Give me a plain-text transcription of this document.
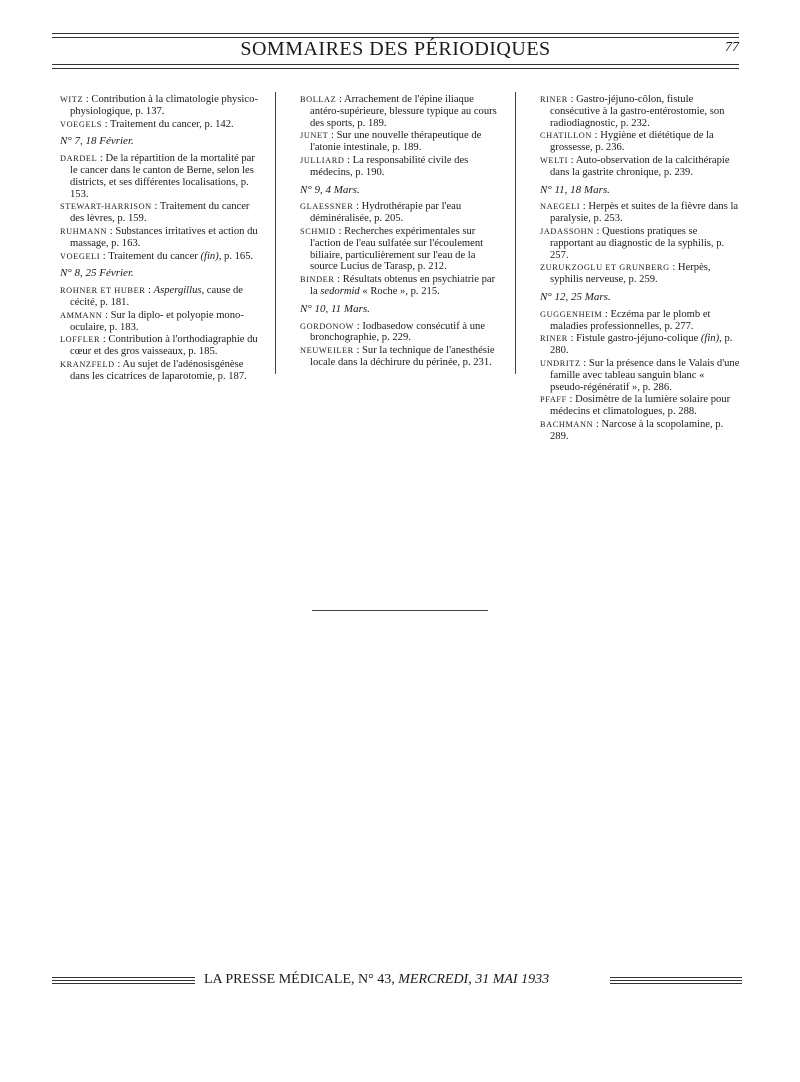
SOMMAIRES DES PÉRIODIQUES	77
WITZ : Contribution à la climatologie physico-physiologique, p. 137.
VOEGELS : Traitement du cancer, p. 142.
N° 7, 18 Février.
DARDEL : De la répartition de la mortalité par le cancer dans le canton de Berne, selon les districts, et ses différentes localisations, p. 153.
STEWART-HARRISON : Traitement du cancer des lèvres, p. 159.
RUHMANN : Substances irritatives et action du massage, p. 163.
VOEGELI : Traitement du cancer (fin), p. 165.
N° 8, 25 Février.
ROHNER ET HUBER : Aspergillus, cause de cécité, p. 181.
AMMANN : Sur la diplo- et polyopie mono-oculaire, p. 183.
LOFFLER : Contribution à l'orthodiagraphie du cœur et des gros vaisseaux, p. 185.
KRANZFELD : Au sujet de l'adénosisgénèse dans les cicatrices de laparotomie, p. 187.
BOLLAZ : Arrachement de l'épine iliaque antéro-supérieure, blessure typique au cours des sports, p. 189.
JUNET : Sur une nouvelle thérapeutique de l'atonie intestinale, p. 189.
JULLIARD : La responsabilité civile des médecins, p. 190.
N° 9, 4 Mars.
GLAESSNER : Hydrothérapie par l'eau déminéralisée, p. 205.
SCHMID : Recherches expérimentales sur l'action de l'eau sulfatée sur l'écoulement biliaire, particulièrement sur l'eau de la source Lucius de Tarasp, p. 212.
BINDER : Résultats obtenus en psychiatrie par la sedormid « Roche », p. 215.
N° 10, 11 Mars.
GORDONOW : Iodbasedow consécutif à une bronchographie, p. 229.
NEUWEILER : Sur la technique de l'anesthésie locale dans la déchirure du périnée, p. 231.
RINER : Gastro-jéjuno-côlon, fistule consécutive à la gastro-entérostomie, son radiodiagnostic, p. 232.
CHATILLON : Hygiène et diététique de la grossesse, p. 236.
WELTI : Auto-observation de la calcithérapie dans la gastrite chronique, p. 239.
N° 11, 18 Mars.
NAEGELI : Herpès et suites de la fièvre dans la paralysie, p. 253.
JADASSOHN : Questions pratiques se rapportant au diagnostic de la syphilis, p. 257.
ZURUKZOGLU ET GRUNBERG : Herpès, syphilis nerveuse, p. 259.
N° 12, 25 Mars.
GUGGENHEIM : Eczéma par le plomb et maladies professionnelles, p. 277.
RINER : Fistule gastro-jéjuno-colique (fin), p. 280.
UNDRITZ : Sur la présence dans le Valais d'une famille avec tableau sanguin blanc « pseudo-régénératif », p. 286.
PFAFF : Dosimètre de la lumière solaire pour médecins et climatologues, p. 288.
BACHMANN : Narcose à la scopolamine, p. 289.
LA PRESSE MÉDICALE, N° 43, MERCREDI, 31 MAI 1933
